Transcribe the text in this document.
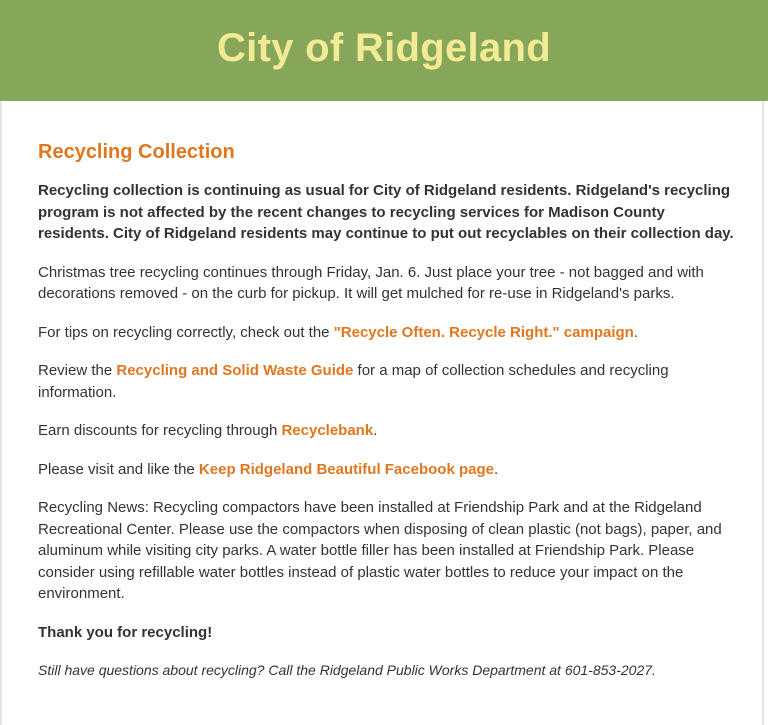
City of Ridgeland
Recycling Collection

Recycling collection is continuing as usual for City of Ridgeland residents. Ridgeland's recycling program is not affected by the recent changes to recycling services for Madison County residents. City of Ridgeland residents may continue to put out recyclables on their collection day.

Christmas tree recycling continues through Friday, Jan. 6. Just place your tree - not bagged and with decorations removed - on the curb for pickup. It will get mulched for re-use in Ridgeland's parks.

For tips on recycling correctly, check out the "Recycle Often. Recycle Right." campaign.

Review the Recycling and Solid Waste Guide for a map of collection schedules and recycling information.

Earn discounts for recycling through Recyclebank.

Please visit and like the Keep Ridgeland Beautiful Facebook page.

Recycling News: Recycling compactors have been installed at Friendship Park and at the Ridgeland Recreational Center. Please use the compactors when disposing of clean plastic (not bags), paper, and aluminum while visiting city parks. A water bottle filler has been installed at Friendship Park. Please consider using refillable water bottles instead of plastic water bottles to reduce your impact on the environment.

Thank you for recycling!

Still have questions about recycling? Call the Ridgeland Public Works Department at 601-853-2027.
